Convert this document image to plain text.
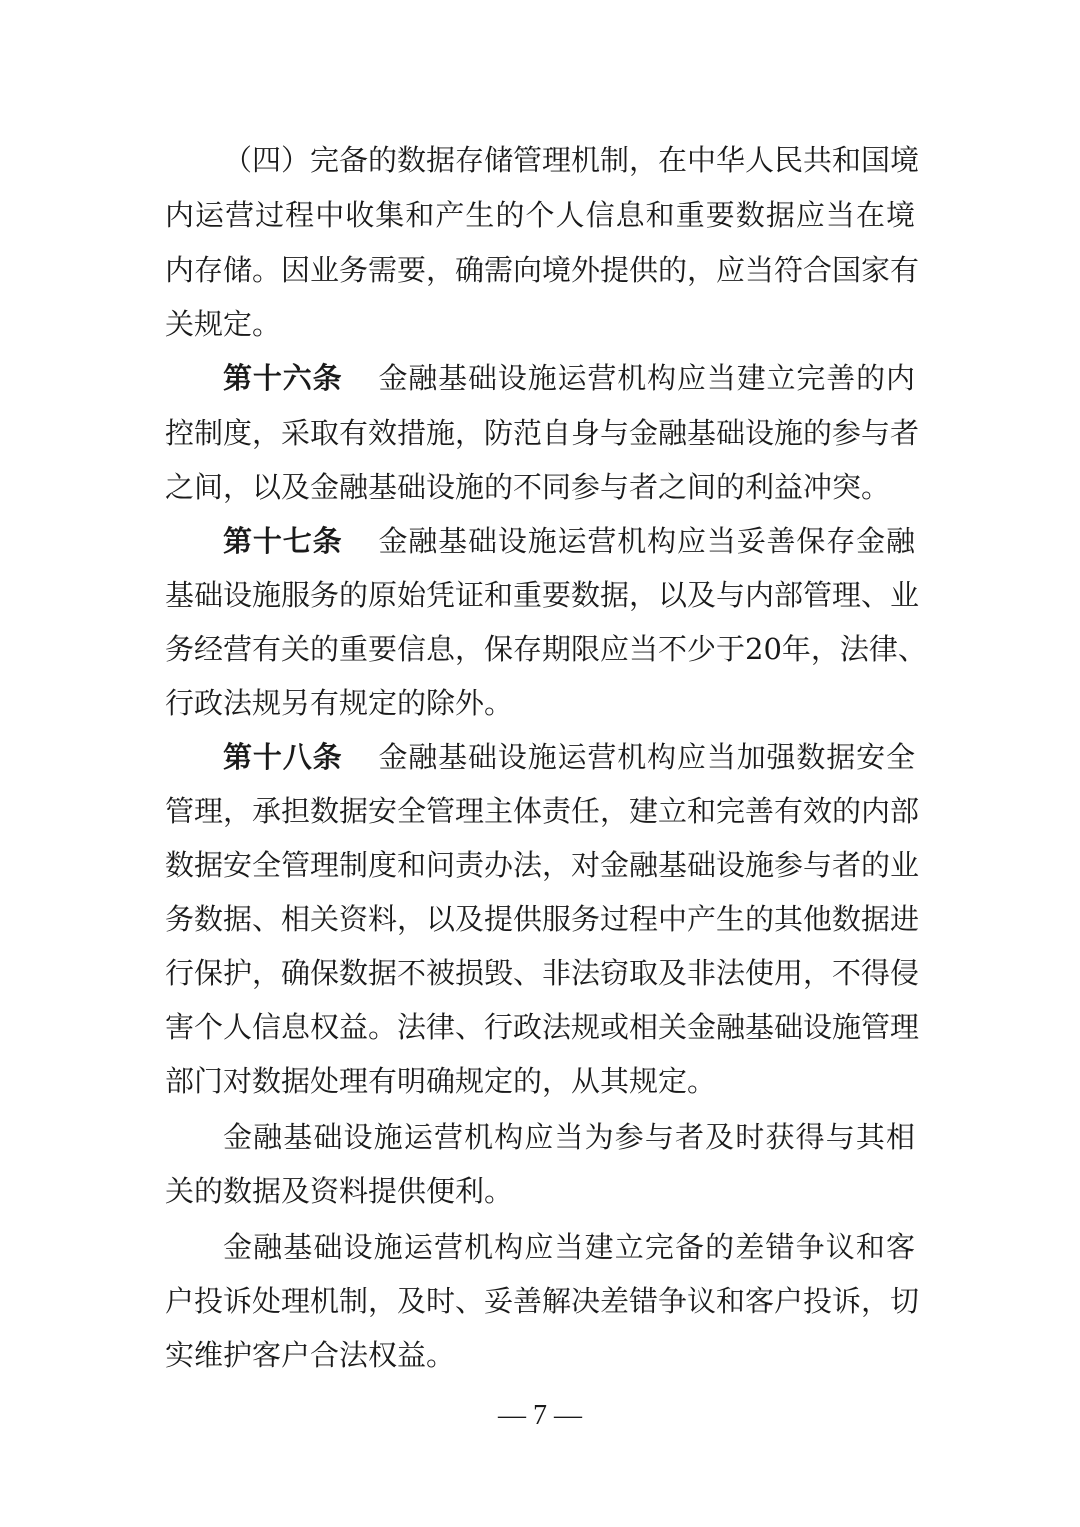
（四）完备的数据存储管理机制，在中华人民共和国境
内运营过程中收集和产生的个人信息和重要数据应当在境
内存储。因业务需要，确需向境外提供的，应当符合国家有
关规定。
第十六条 金融基础设施运营机构应当建立完善的内
控制度，采取有效措施，防范自身与金融基础设施的参与者
之间，以及金融基础设施的不同参与者之间的利益冲突。
第十七条 金融基础设施运营机构应当妥善保存金融
基础设施服务的原始凭证和重要数据，以及与内部管理、业
务经营有关的重要信息，保存期限应当不少于20年，法律、
行政法规另有规定的除外。
第十八条 金融基础设施运营机构应当加强数据安全
管理，承担数据安全管理主体责任，建立和完善有效的内部
数据安全管理制度和问责办法，对金融基础设施参与者的业
务数据、相关资料，以及提供服务过程中产生的其他数据进
行保护，确保数据不被损毁、非法窃取及非法使用，不得侵
害个人信息权益。法律、行政法规或相关金融基础设施管理
部门对数据处理有明确规定的，从其规定。
金融基础设施运营机构应当为参与者及时获得与其相
关的数据及资料提供便利。
金融基础设施运营机构应当建立完备的差错争议和客
户投诉处理机制，及时、妥善解决差错争议和客户投诉，切
实维护客户合法权益。
— 7 —
